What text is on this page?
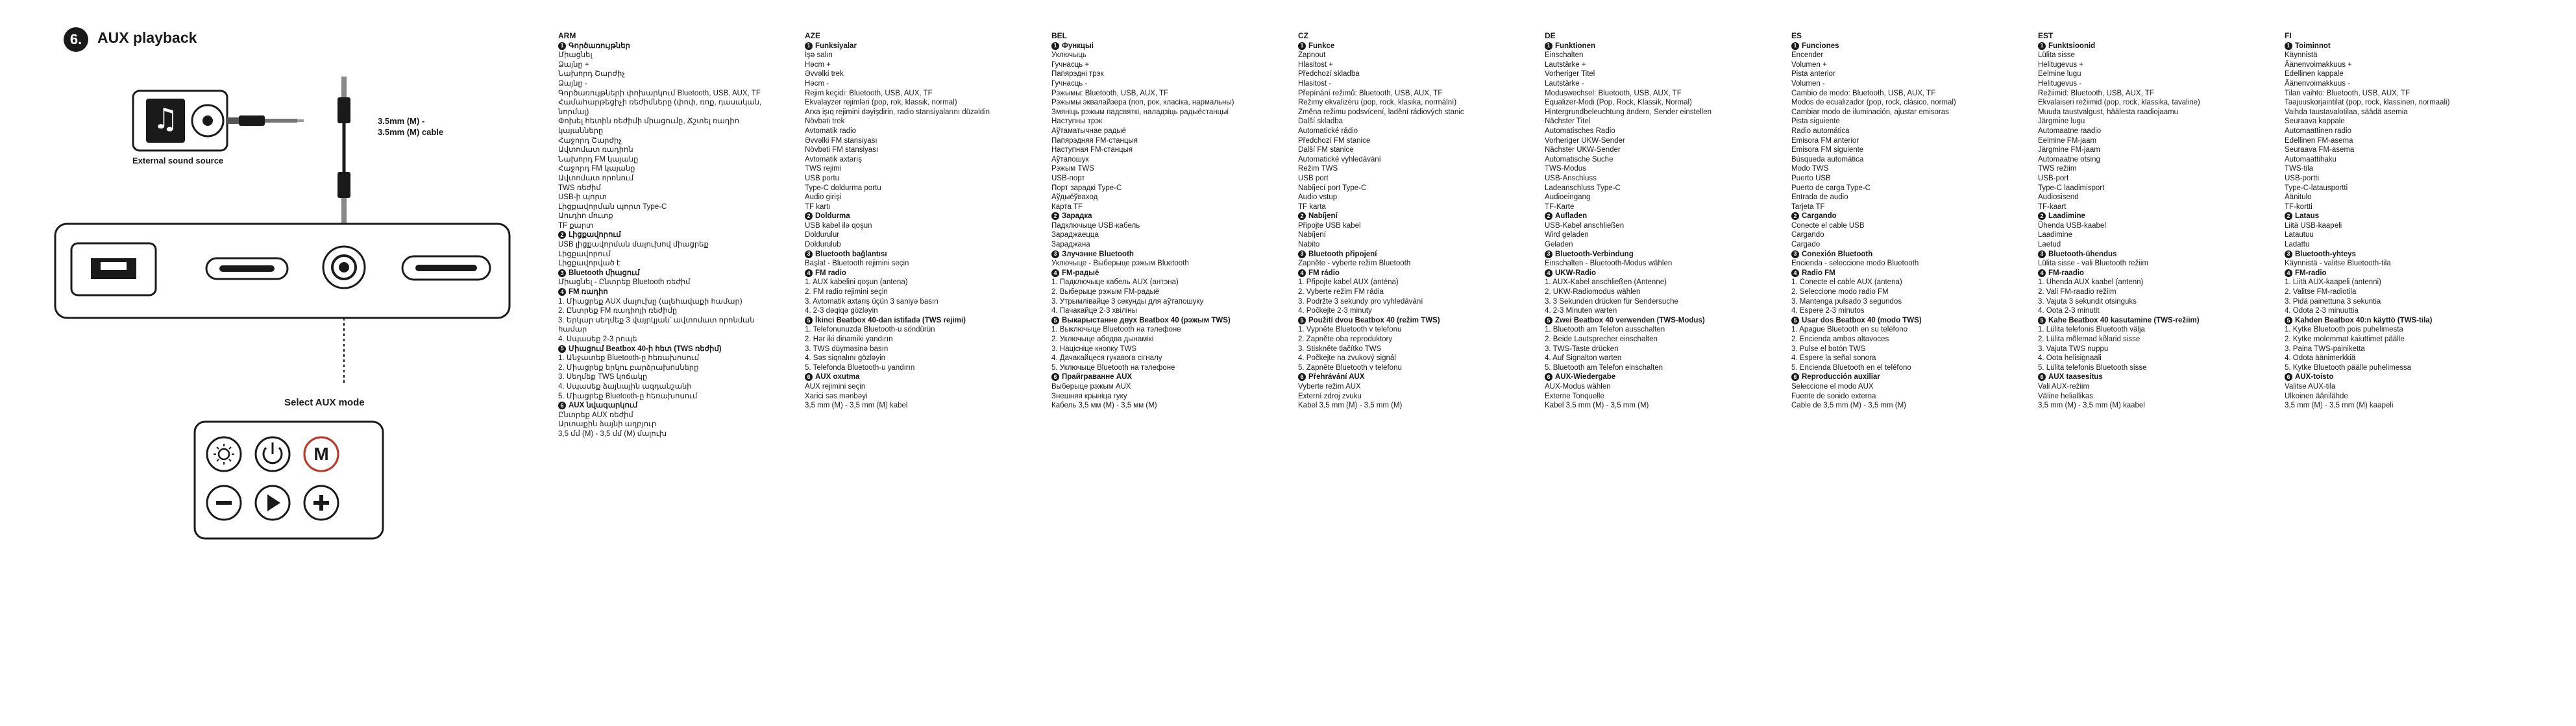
6.	AUX playback
♫
External sound source
3.5mm (M) -
3.5mm (M) cable
Select AUX mode
M
ARM
1 Գործառույթներ
Միացնել
Ձայնը +
Նախորդ Շարժիչ
Ձայնը -
Գործառույթների փոխարկում Bluetooth, USB, AUX, TF
Համահարթեցիչի ռեժիմները (փոփ, ռոք, դասական, նորմալ)
Փոխել հետին ռեժիմի միացումը, Ճշտել ռադիո կայանները
Հաջորդ Շարժիչ
Ավտոմատ ռադիոն
Նախորդ FM կայանը
Հաջորդ FM կայանը
Ավտոմատ որոնում
TWS ռեժիմ
USB-ի պորտ
Լիցքավորման պորտ Type-C
Աուդիո մուտք
TF քարտ
2 Լիցքավորում
USB լիցքավորման մալուխով միացրեք
Լիցքավորում
Լիցքավորված է
3 Bluetooth միացում
Միացնել - Ընտրեք Bluetooth ռեժիմ
4 FM ռադիո
1. Միացրեք AUX մալուխը (ալեհավաքի համար)
2. Ընտրեք FM ռադիոյի ռեժիմը
3. Երկար սեղմեք 3 վայրկյան՝ ավտոմատ որոնման համար
4. Սպասեք 2-3 րոպե
5 Միացում Beatbox 40-ի հետ (TWS ռեժիմ)
1. Անջատեք Bluetooth-ը հեռախոսում
2. Միացրեք երկու բարձրախոսները
3. Սեղմեք TWS կոճակը
4. Սպասեք ձայնային ազդանշանի
5. Միացրեք Bluetooth-ը հեռախոսում
6 AUX նվագարկում
Ընտրեք AUX ռեժիմ
Արտաքին ձայնի աղբյուր
3,5 մմ (M) - 3,5 մմ (M) մալուխ
AZE
1 Funksiyalar
İşə salın
Həcm +
Əvvəlki trek
Həcm -
Rejim keçidi: Bluetooth, USB, AUX, TF
Ekvalayzer rejimləri (pop, rok, klassik, normal)
Arxa işıq rejimini dəyişdirin, radio stansiyalarını düzəldin
Növbəti trek
Avtomatik radio
Əvvəlki FM stansiyası
Növbəti FM stansiyası
Avtomatik axtarış
TWS rejimi
USB portu
Type-C doldurma portu
Audio girişi
TF kartı
2 Doldurma
USB kabel ilə qoşun
Doldurulur
Doldurulub
3 Bluetooth bağlantısı
Başlat - Bluetooth rejimini seçin
4 FM radio
1. AUX kabelini qoşun (antena)
2. FM radio rejimini seçin
3. Avtomatik axtarış üçün 3 saniyə basın
4. 2-3 dəqiqə gözləyin
5 İkinci Beatbox 40-dan istifadə (TWS rejimi)
1. Telefonunuzda Bluetooth-u söndürün
2. Hər iki dinamiki yandırın
3. TWS düyməsinə basın
4. Səs siqnalını gözləyin
5. Telefonda Bluetooth-u yandırın
6 AUX oxutma
AUX rejimini seçin
Xarici səs mənbəyi
3,5 mm (M) - 3,5 mm (M) kabel
BEL
1 Функцыі
Уключыць
Гучнасць +
Папярэдні трэк
Гучнасць -
Рэжымы: Bluetooth, USB, AUX, TF
Рэжымы эквалайзера (поп, рок, класіка, нармальны)
Змяніць рэжым падсвяткі, наладзіць радыёстанцыі
Наступны трэк
Аўтаматычнае радыё
Папярэдняя FM-станцыя
Наступная FM-станцыя
Аўтапошук
Рэжым TWS
USB-порт
Порт зарадкі Type-C
Аўдыёўваход
Карта TF
2 Зарадка
Падключыце USB-кабель
Зараджаецца
Зараджана
3 Злучэнне Bluetooth
Уключыце - Выберыце рэжым Bluetooth
4 FM-радыё
1. Падключыце кабель AUX (антэна)
2. Выберыце рэжым FM-радыё
3. Утрымлівайце 3 секунды для аўтапошуку
4. Пачакайце 2-3 хвіліны
5 Выкарыстанне двух Beatbox 40 (рэжым TWS)
1. Выключыце Bluetooth на тэлефоне
2. Уключыце абодва дынамікі
3. Націсніце кнопку TWS
4. Дачакайцеся гукавога сігналу
5. Уключыце Bluetooth на тэлефоне
6 Прайграванне AUX
Выберыце рэжым AUX
Знешняя крыніца гуку
Кабель 3,5 мм (M) - 3,5 мм (M)
CZ
1 Funkce
Zapnout
Hlasitost +
Předchozí skladba
Hlasitost -
Přepínání režimů: Bluetooth, USB, AUX, TF
Režimy ekvalizéru (pop, rock, klasika, normální)
Změna režimu podsvícení, ladění rádiových stanic
Další skladba
Automatické rádio
Předchozí FM stanice
Další FM stanice
Automatické vyhledávání
Režim TWS
USB port
Nabíjecí port Type-C
Audio vstup
TF karta
2 Nabíjení
Připojte USB kabel
Nabíjení
Nabito
3 Bluetooth připojení
Zapněte - vyberte režim Bluetooth
4 FM rádio
1. Připojte kabel AUX (anténa)
2. Vyberte režim FM rádia
3. Podržte 3 sekundy pro vyhledávání
4. Počkejte 2-3 minuty
5 Použití dvou Beatbox 40 (režim TWS)
1. Vypněte Bluetooth v telefonu
2. Zapněte oba reproduktory
3. Stiskněte tlačítko TWS
4. Počkejte na zvukový signál
5. Zapněte Bluetooth v telefonu
6 Přehrávání AUX
Vyberte režim AUX
Externí zdroj zvuku
Kabel 3,5 mm (M) - 3,5 mm (M)
DE
1 Funktionen
Einschalten
Lautstärke +
Vorheriger Titel
Lautstärke -
Moduswechsel: Bluetooth, USB, AUX, TF
Equalizer-Modi (Pop, Rock, Klassik, Normal)
Hintergrundbeleuchtung ändern, Sender einstellen
Nächster Titel
Automatisches Radio
Vorheriger UKW-Sender
Nächster UKW-Sender
Automatische Suche
TWS-Modus
USB-Anschluss
Ladeanschluss Type-C
Audioeingang
TF-Karte
2 Aufladen
USB-Kabel anschließen
Wird geladen
Geladen
3 Bluetooth-Verbindung
Einschalten - Bluetooth-Modus wählen
4 UKW-Radio
1. AUX-Kabel anschließen (Antenne)
2. UKW-Radiomodus wählen
3. 3 Sekunden drücken für Sendersuche
4. 2-3 Minuten warten
5 Zwei Beatbox 40 verwenden (TWS-Modus)
1. Bluetooth am Telefon ausschalten
2. Beide Lautsprecher einschalten
3. TWS-Taste drücken
4. Auf Signalton warten
5. Bluetooth am Telefon einschalten
6 AUX-Wiedergabe
AUX-Modus wählen
Externe Tonquelle
Kabel 3,5 mm (M) - 3,5 mm (M)
ES
1 Funciones
Encender
Volumen +
Pista anterior
Volumen -
Cambio de modo: Bluetooth, USB, AUX, TF
Modos de ecualizador (pop, rock, clásico, normal)
Cambiar modo de iluminación, ajustar emisoras
Pista siguiente
Radio automática
Emisora FM anterior
Emisora FM siguiente
Búsqueda automática
Modo TWS
Puerto USB
Puerto de carga Type-C
Entrada de audio
Tarjeta TF
2 Cargando
Conecte el cable USB
Cargando
Cargado
3 Conexión Bluetooth
Encienda - seleccione modo Bluetooth
4 Radio FM
1. Conecte el cable AUX (antena)
2. Seleccione modo radio FM
3. Mantenga pulsado 3 segundos
4. Espere 2-3 minutos
5 Usar dos Beatbox 40 (modo TWS)
1. Apague Bluetooth en su teléfono
2. Encienda ambos altavoces
3. Pulse el botón TWS
4. Espere la señal sonora
5. Encienda Bluetooth en el teléfono
6 Reproducción auxiliar
Seleccione el modo AUX
Fuente de sonido externa
Cable de 3,5 mm (M) - 3,5 mm (M)
EST
1 Funktsioonid
Lülita sisse
Helitugevus +
Eelmine lugu
Helitugevus -
Režiimid: Bluetooth, USB, AUX, TF
Ekvalaiseri režiimid (pop, rock, klassika, tavaline)
Muuda taustvalgust, häälesta raadiojaamu
Järgmine lugu
Automaatne raadio
Eelmine FM-jaam
Järgmine FM-jaam
Automaatne otsing
TWS režiim
USB-port
Type-C laadimisport
Audiosisend
TF-kaart
2 Laadimine
Ühenda USB-kaabel
Laadimine
Laetud
3 Bluetooth-ühendus
Lülita sisse - vali Bluetooth režiim
4 FM-raadio
1. Ühenda AUX kaabel (antenn)
2. Vali FM-raadio režiim
3. Vajuta 3 sekundit otsinguks
4. Oota 2-3 minutit
5 Kahe Beatbox 40 kasutamine (TWS-režiim)
1. Lülita telefonis Bluetooth välja
2. Lülita mõlemad kõlarid sisse
3. Vajuta TWS nuppu
4. Oota helisignaali
5. Lülita telefonis Bluetooth sisse
6 AUX taasesitus
Vali AUX-režiim
Väline heliallikas
3,5 mm (M) - 3,5 mm (M) kaabel
FI
1 Toiminnot
Käynnistä
Äänenvoimakkuus +
Edellinen kappale
Äänenvoimakkuus -
Tilan vaihto: Bluetooth, USB, AUX, TF
Taajuuskorjaintilat (pop, rock, klassinen, normaali)
Vaihda taustavalotilaa, säädä asemia
Seuraava kappale
Automaattinen radio
Edellinen FM-asema
Seuraava FM-asema
Automaattihaku
TWS-tila
USB-portti
Type-C-latausportti
Äänitulo
TF-kortti
2 Lataus
Liitä USB-kaapeli
Latautuu
Ladattu
3 Bluetooth-yhteys
Käynnistä - valitse Bluetooth-tila
4 FM-radio
1. Liitä AUX-kaapeli (antenni)
2. Valitse FM-radiotila
3. Pidä painettuna 3 sekuntia
4. Odota 2-3 minuuttia
5 Kahden Beatbox 40:n käyttö (TWS-tila)
1. Kytke Bluetooth pois puhelimesta
2. Kytke molemmat kaiuttimet päälle
3. Paina TWS-painiketta
4. Odota äänimerkkiä
5. Kytke Bluetooth päälle puhelimessa
6 AUX-toisto
Valitse AUX-tila
Ulkoinen äänilähde
3,5 mm (M) - 3,5 mm (M) kaapeli
